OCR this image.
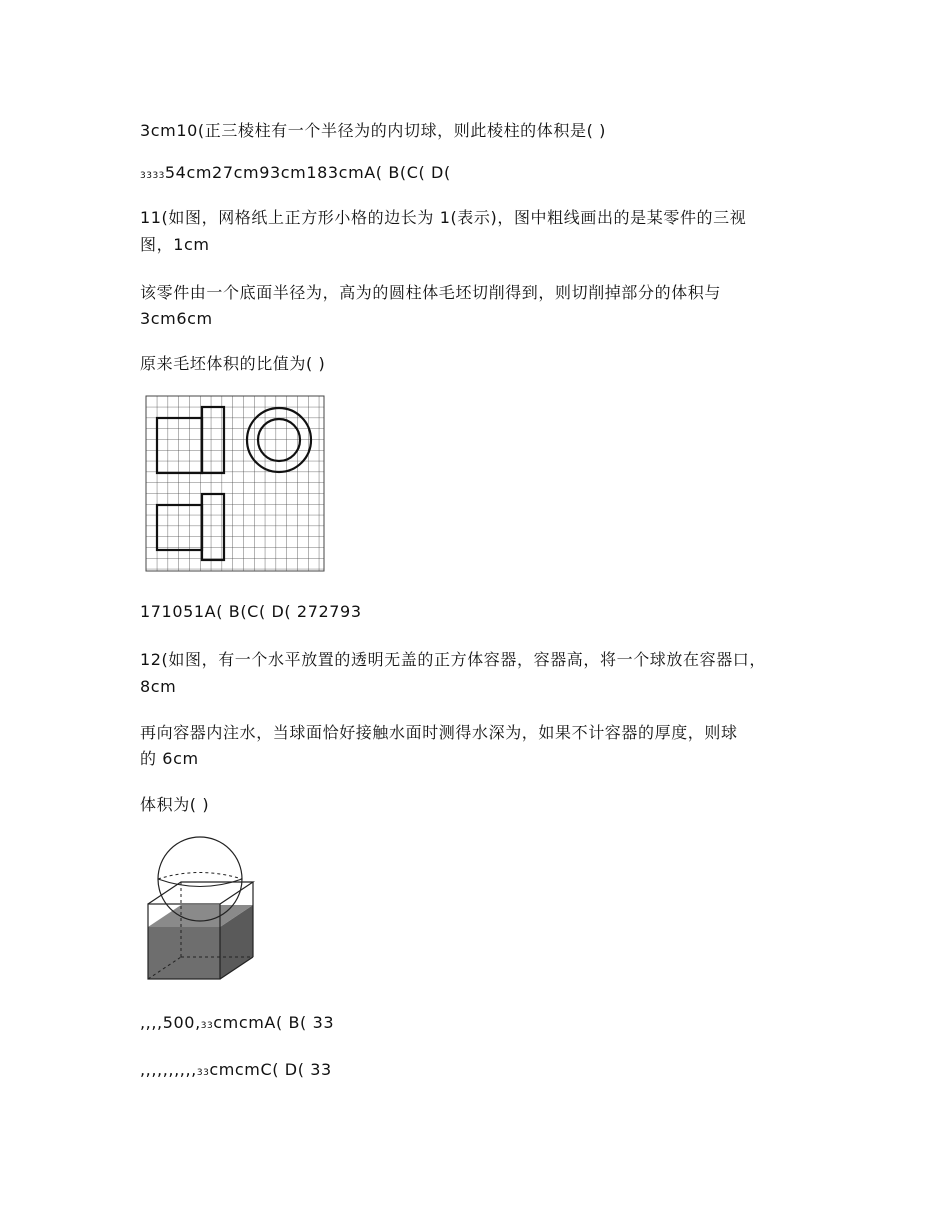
3cm10(正三棱柱有一个半径为的内切球，则此棱柱的体积是( )
333354cm27cm93cm183cmA( B(C( D(
11(如图，网格纸上正方形小格的边长为 1(表示)，图中粗线画出的是某零件的三视
图，1cm
该零件由一个底面半径为，高为的圆柱体毛坯切削得到，则切削掉部分的体积与
3cm6cm
原来毛坯体积的比值为( )
171051A( B(C( D( 272793
12(如图，有一个水平放置的透明无盖的正方体容器，容器高，将一个球放在容器口，
8cm
再向容器内注水，当球面恰好接触水面时测得水深为，如果不计容器的厚度，则球
的 6cm
体积为( )
,,,,500,33cmcmA( B( 33
,,,,,,,,,,33cmcmC( D( 33
